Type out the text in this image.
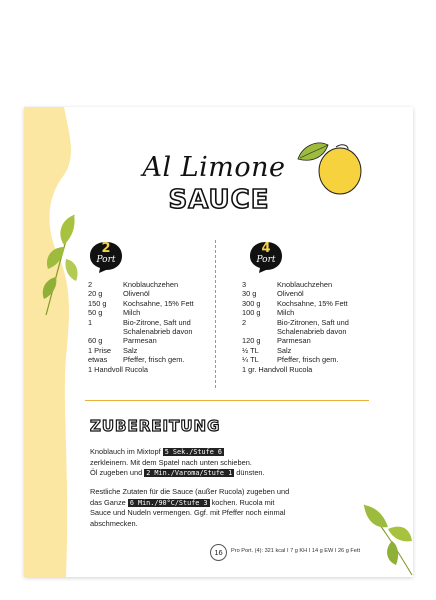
Al Limone
SAUCE
2
Port
4
Port
2	Knoblauchzehen
20 g	Olivenöl
150 g	Kochsahne, 15% Fett
50 g	Milch
1	Bio-Zitrone, Saft und
Schalenabrieb davon
60 g	Parmesan
1 Prise	Salz
etwas	Pfeffer, frisch gem.
1 Handvoll Rucola
3	Knoblauchzehen
30 g	Olivenöl
300 g	Kochsahne, 15% Fett
100 g	Milch
2	Bio-Zitronen, Saft und
Schalenabrieb davon
120 g	Parmesan
½ TL	Salz
¼ TL	Pfeffer, frisch gem.
1 gr. Handvoll Rucola
ZUBEREITUNG
Knoblauch im Mixtopf 5 Sek./Stufe 6
zerkleinern. Mit dem Spatel nach unten schieben.
Öl zugeben und 2 Min./Varoma/Stufe 1 dünsten.
Restliche Zutaten für die Sauce (außer Rucola) zugeben und
das Ganze 6 Min./90°C/Stufe 3 kochen. Rucola mit
Sauce und Nudeln vermengen. Ggf. mit Pfeffer noch einmal
abschmecken.
16	Pro Port. (4): 321 kcal I 7 g KH I 14 g EW I 26 g Fett
